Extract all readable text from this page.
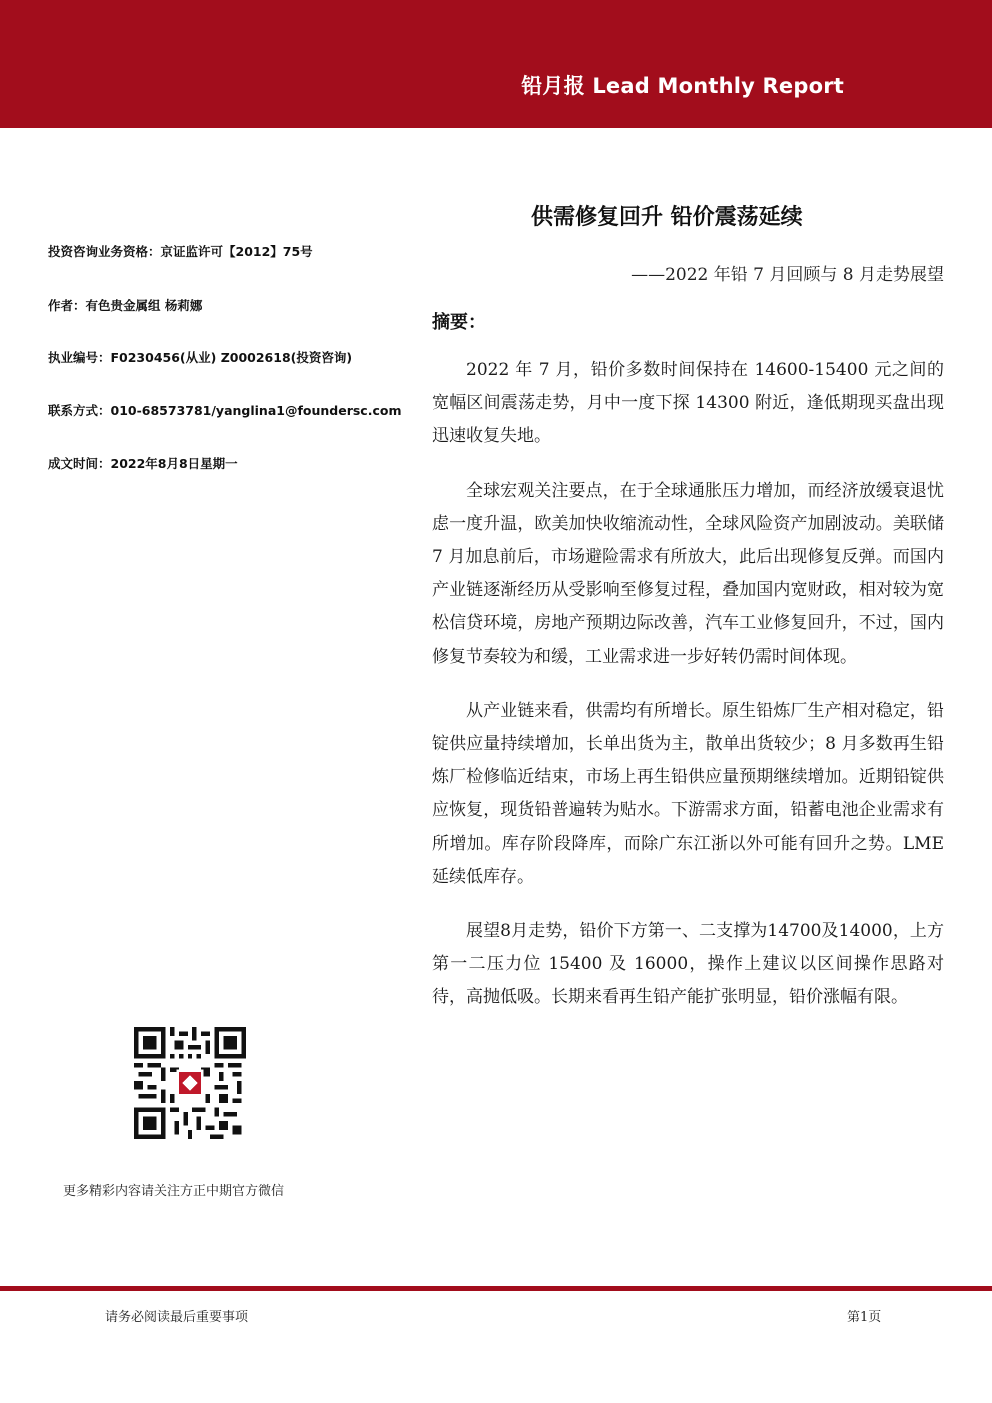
铅月报 Lead Monthly Report
投资咨询业务资格：京证监许可【2012】75号
作者：有色贵金属组 杨莉娜
执业编号：F0230456(从业) Z0002618(投资咨询)
联系方式：010-68573781/yanglina1@foundersc.com
成文时间：2022年8月8日星期一
更多精彩内容请关注方正中期官方微信
供需修复回升 铅价震荡延续
——2022 年铅 7 月回顾与 8 月走势展望
摘要：

2022 年 7 月，铅价多数时间保持在 14600-15400 元之间的宽幅区间震荡走势，月中一度下探 14300 附近，逢低期现买盘出现迅速收复失地。

全球宏观关注要点，在于全球通胀压力增加，而经济放缓衰退忧虑一度升温，欧美加快收缩流动性，全球风险资产加剧波动。美联储 7 月加息前后，市场避险需求有所放大，此后出现修复反弹。而国内产业链逐渐经历从受影响至修复过程，叠加国内宽财政，相对较为宽松信贷环境，房地产预期边际改善，汽车工业修复回升，不过，国内修复节奏较为和缓，工业需求进一步好转仍需时间体现。

从产业链来看，供需均有所增长。原生铅炼厂生产相对稳定，铅锭供应量持续增加，长单出货为主，散单出货较少；8 月多数再生铅炼厂检修临近结束，市场上再生铅供应量预期继续增加。近期铅锭供应恢复，现货铅普遍转为贴水。下游需求方面，铅蓄电池企业需求有所增加。库存阶段降库，而除广东江浙以外可能有回升之势。LME 延续低库存。

展望8月走势，铅价下方第一、二支撑为14700及14000，上方第一二压力位 15400 及 16000，操作上建议以区间操作思路对待，高抛低吸。长期来看再生铅产能扩张明显，铅价涨幅有限。

请务必阅读最后重要事项	第1页
